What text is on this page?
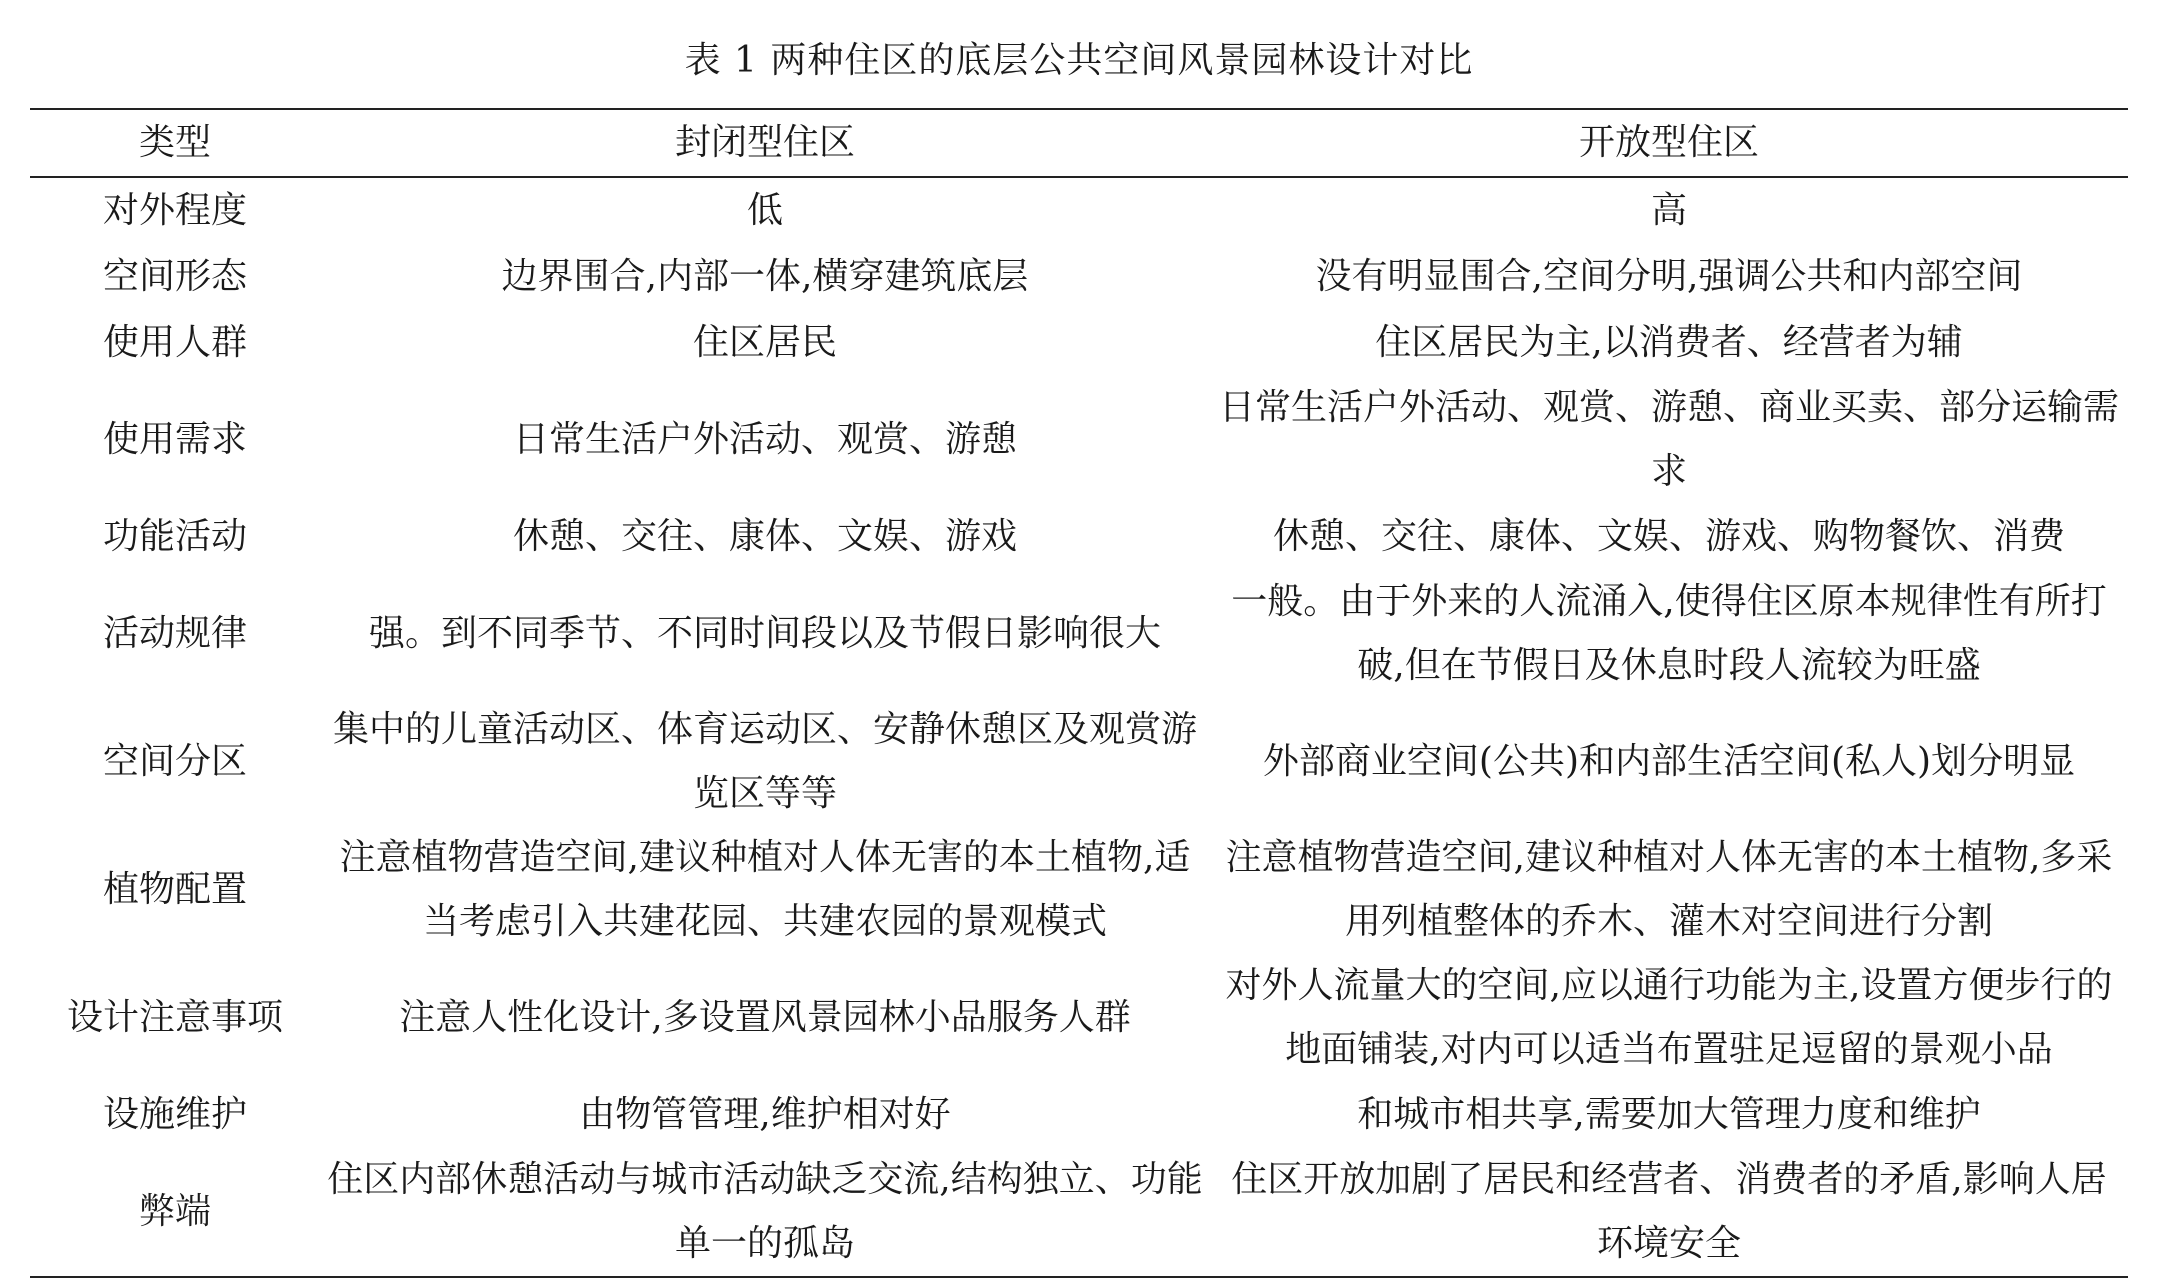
表 1 两种住区的底层公共空间风景园林设计对比
类型	封闭型住区	开放型住区
对外程度	低	高
空间形态	边界围合,内部一体,横穿建筑底层	没有明显围合,空间分明,强调公共和内部空间
使用人群	住区居民	住区居民为主,以消费者、经营者为辅
使用需求	日常生活户外活动、观赏、游憩	日常生活户外活动、观赏、游憩、商业买卖、部分运输需求
功能活动	休憩、交往、康体、文娱、游戏	休憩、交往、康体、文娱、游戏、购物餐饮、消费
活动规律	强。到不同季节、不同时间段以及节假日影响很大	一般。由于外来的人流涌入,使得住区原本规律性有所打破,但在节假日及休息时段人流较为旺盛
空间分区	集中的儿童活动区、体育运动区、安静休憩区及观赏游览区等等	外部商业空间(公共)和内部生活空间(私人)划分明显
植物配置	注意植物营造空间,建议种植对人体无害的本土植物,适当考虑引入共建花园、共建农园的景观模式	注意植物营造空间,建议种植对人体无害的本土植物,多采用列植整体的乔木、灌木对空间进行分割
设计注意事项	注意人性化设计,多设置风景园林小品服务人群	对外人流量大的空间,应以通行功能为主,设置方便步行的地面铺装,对内可以适当布置驻足逗留的景观小品
设施维护	由物管管理,维护相对好	和城市相共享,需要加大管理力度和维护
弊端	住区内部休憩活动与城市活动缺乏交流,结构独立、功能单一的孤岛	住区开放加剧了居民和经营者、消费者的矛盾,影响人居环境安全
